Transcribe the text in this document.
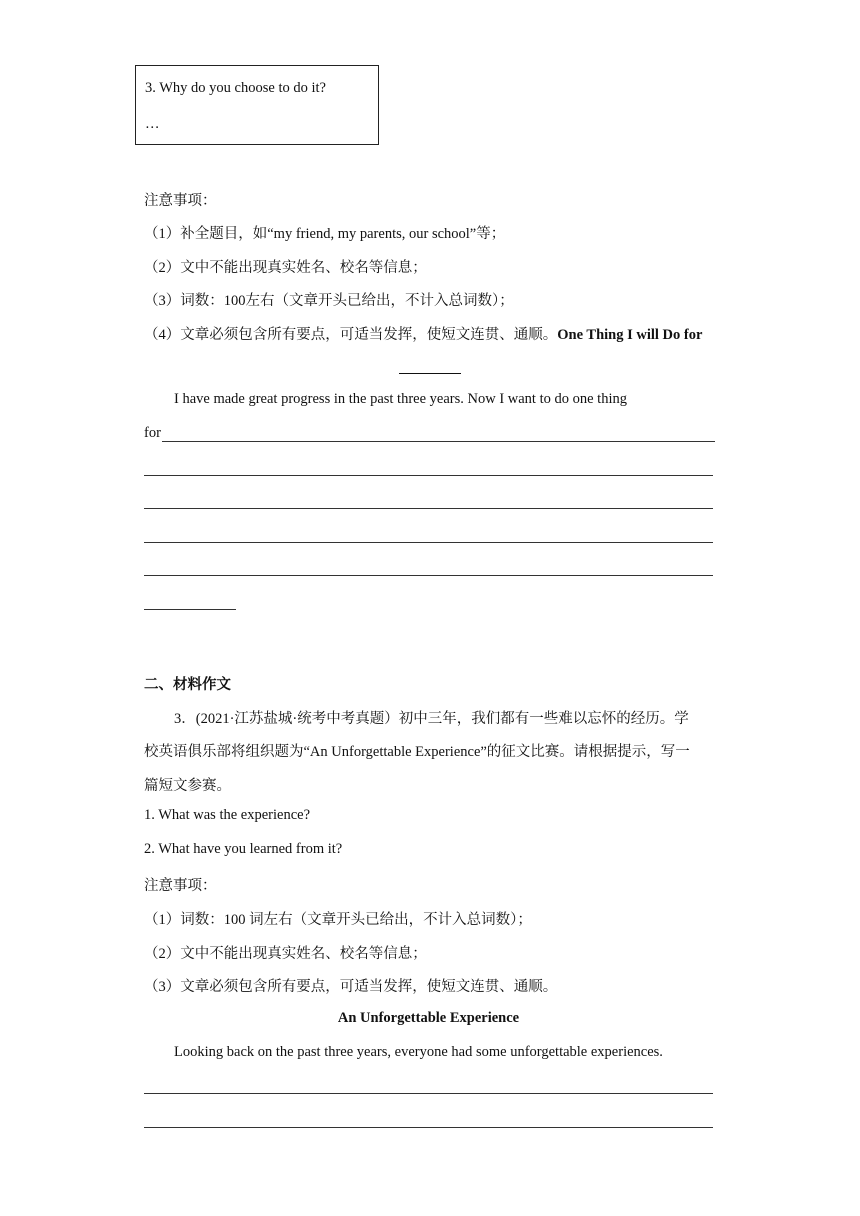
3. Why do you choose to do it?
…
注意事项：
（1）补全题目，如“my friend, my parents, our school”等；
（2）文中不能出现真实姓名、校名等信息；
（3）词数：100左右（文章开头已给出，不计入总词数）；
（4）文章必须包含所有要点，可适当发挥，使短文连贯、通顺。One Thing I will Do for
I have made great progress in the past three years. Now I want to do one thing
for
二、材料作文
3．(2021·江苏盐城·统考中考真题）初中三年，我们都有一些难以忘怀的经历。学
校英语俱乐部将组织题为“An Unforgettable Experience”的征文比赛。请根据提示，写一
篇短文参赛。
1. What was the experience?
2. What have you learned from it?
注意事项：
（1）词数：100 词左右（文章开头已给出，不计入总词数）；
（2）文中不能出现真实姓名、校名等信息；
（3）文章必须包含所有要点，可适当发挥，使短文连贯、通顺。
An Unforgettable Experience
Looking back on the past three years, everyone had some unforgettable experiences.
